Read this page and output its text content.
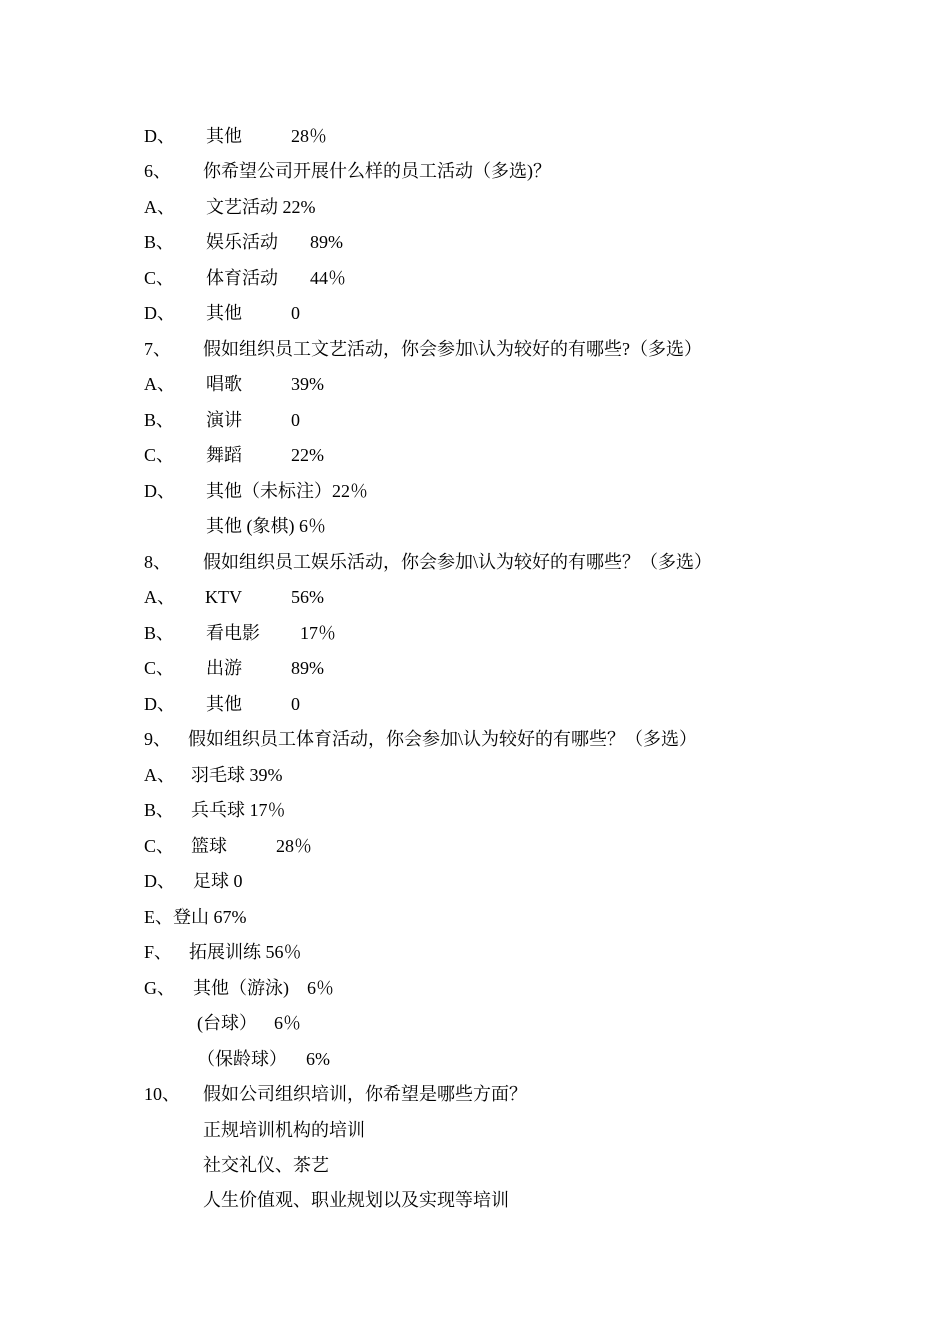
D、 其他	28％
6、 你希望公司开展什么样的员工活动（多选)？
A、 文艺活动 22%
B、 娱乐活动 89%
C、 体育活动 44％
D、 其他	0
7、 假如组织员工文艺活动，你会参加\认为较好的有哪些?（多选）
A、 唱歌	39%
B、 演讲	0
C、 舞蹈	22%
D、 其他（未标注）22％
其他 (象棋) 6％
8、 假如组织员工娱乐活动，你会参加\认为较好的有哪些？（多选）
A、 KTV	56%
B、 看电影 17％
C、 出游	89%
D、 其他	0
9、 假如组织员工体育活动，你会参加\认为较好的有哪些？（多选）
A、 羽毛球 39%
B、 兵乓球 17％
C、 篮球	28％
D、 足球 0
E、登山 67%
F、 拓展训练 56％
G、 其他（游泳) 6％
(台球） 6％
（保龄球） 6%
10、 假如公司组织培训，你希望是哪些方面？
正规培训机构的培训
社交礼仪、茶艺
人生价值观、职业规划以及实现等培训
